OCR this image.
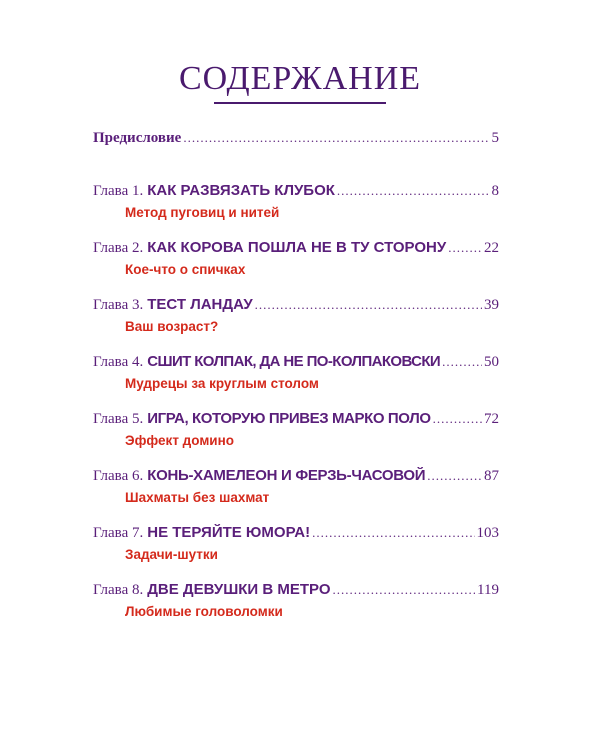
СОДЕРЖАНИЕ
Предисловие .....	5
Глава 1.
КАК РАЗВЯЗАТЬ КЛУБОК .....	8
Метод пуговиц и нитей
Глава 2.
КАК КОРОВА ПОШЛА НЕ В ТУ СТОРОНУ .....	22
Кое-что о спичках
Глава 3.
ТЕСТ ЛАНДАУ .....	39
Ваш возраст?
Глава 4.
СШИТ КОЛПАК, ДА НЕ ПО-КОЛПАКОВСКИ .....	50
Мудрецы за круглым столом
Глава 5.
ИГРА, КОТОРУЮ ПРИВЕЗ МАРКО ПОЛО .....	72
Эффект домино
Глава 6.
КОНЬ-ХАМЕЛЕОН И ФЕРЗЬ-ЧАСОВОЙ .....	87
Шахматы без шахмат
Глава 7.
НЕ ТЕРЯЙТЕ ЮМОРА! .....	103
Задачи-шутки
Глава 8.
ДВЕ ДЕВУШКИ В МЕТРО .....	119
Любимые головоломки
